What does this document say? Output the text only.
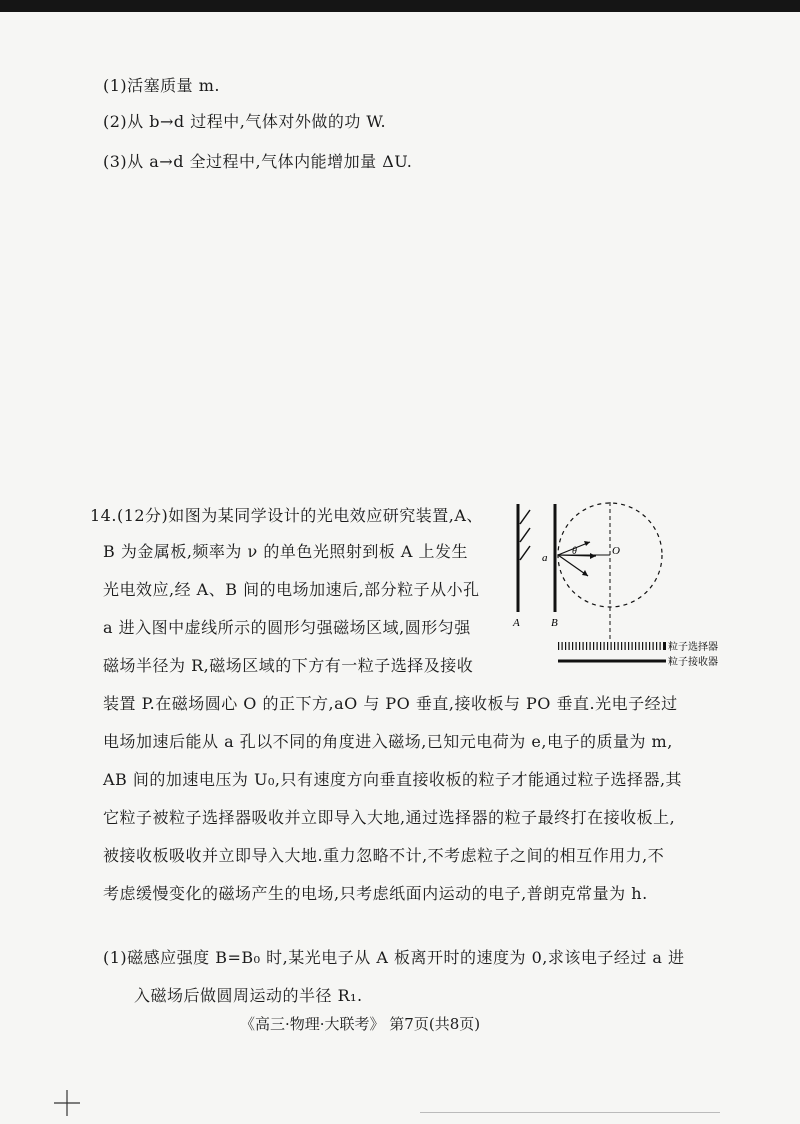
(1)活塞质量 m.
(2)从 b→d 过程中,气体对外做的功 W.
(3)从 a→d 全过程中,气体内能增加量 ΔU.
14.(12分)如图为某同学设计的光电效应研究装置,A、
B 为金属板,频率为 ν 的单色光照射到板 A 上发生
光电效应,经 A、B 间的电场加速后,部分粒子从小孔
a 进入图中虚线所示的圆形匀强磁场区域,圆形匀强
磁场半径为 R,磁场区域的下方有一粒子选择及接收
装置 P.在磁场圆心 O 的正下方,aO 与 PO 垂直,接收板与 PO 垂直.光电子经过
电场加速后能从 a 孔以不同的角度进入磁场,已知元电荷为 e,电子的质量为 m,
AB 间的加速电压为 U₀,只有速度方向垂直接收板的粒子才能通过粒子选择器,其
它粒子被粒子选择器吸收并立即导入大地,通过选择器的粒子最终打在接收板上,
被接收板吸收并立即导入大地.重力忽略不计,不考虑粒子之间的相互作用力,不
考虑缓慢变化的磁场产生的电场,只考虑纸面内运动的电子,普朗克常量为 h.
(1)磁感应强度 B=B₀ 时,某光电子从 A 板离开时的速度为 0,求该电子经过 a 进
入磁场后做圆周运动的半径 R₁.
A	B
a
O
θ
粒子选择器
粒子接收器
《高三·物理·大联考》 第7页(共8页)
